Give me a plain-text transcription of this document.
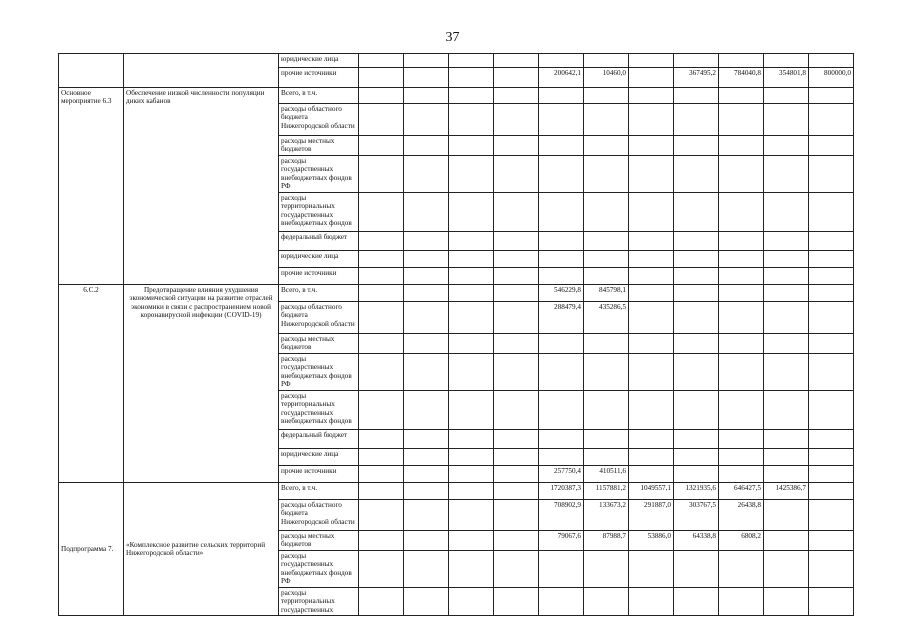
37
		юридические лица											
		прочие источники					200642,1	10460,0		367495,2	784040,8	354801,8	800000,0
Основное мероприятие 6.3	Обеспечение низкой численности популяции диких кабанов	Всего, в т.ч.											
		расходы областного бюджета Нижегородской области											
		расходы местных бюджетов											
		расходы государственных внебюджетных фондов РФ											
		расходы территориальных государственных внебюджетных фондов											
		федеральный бюджет											
		юридические лица											
		прочие источники											
6.С.2	Предотвращение влияния ухудшения экономической ситуации на развитие отраслей экономики в связи с распространением новой коронавирусной инфекции (COVID-19)	Всего, в т.ч.					546229,8	845798,1					
		расходы областного бюджета Нижегородской области					288479,4	435286,5					
		расходы местных бюджетов											
		расходы государственных внебюджетных фондов РФ											
		расходы территориальных государственных внебюджетных фондов											
		федеральный бюджет											
		юридические лица											
		прочие источники					257750,4	410511,6					
Подпрограмма 7.	«Комплексное развитие сельских территорий Нижегородской области»	Всего, в т.ч.					1720387,3	1157881,2	1049557,1	1321935,6	646427,5	1425386,7	
		расходы областного бюджета Нижегородской области					708902,9	133673,2	291887,0	303767,5	26438,8		
		расходы местных бюджетов					79067,6	87988,7	53886,0	64338,8	6808,2		
		расходы государственных внебюджетных фондов РФ											
		расходы территориальных государственных											
